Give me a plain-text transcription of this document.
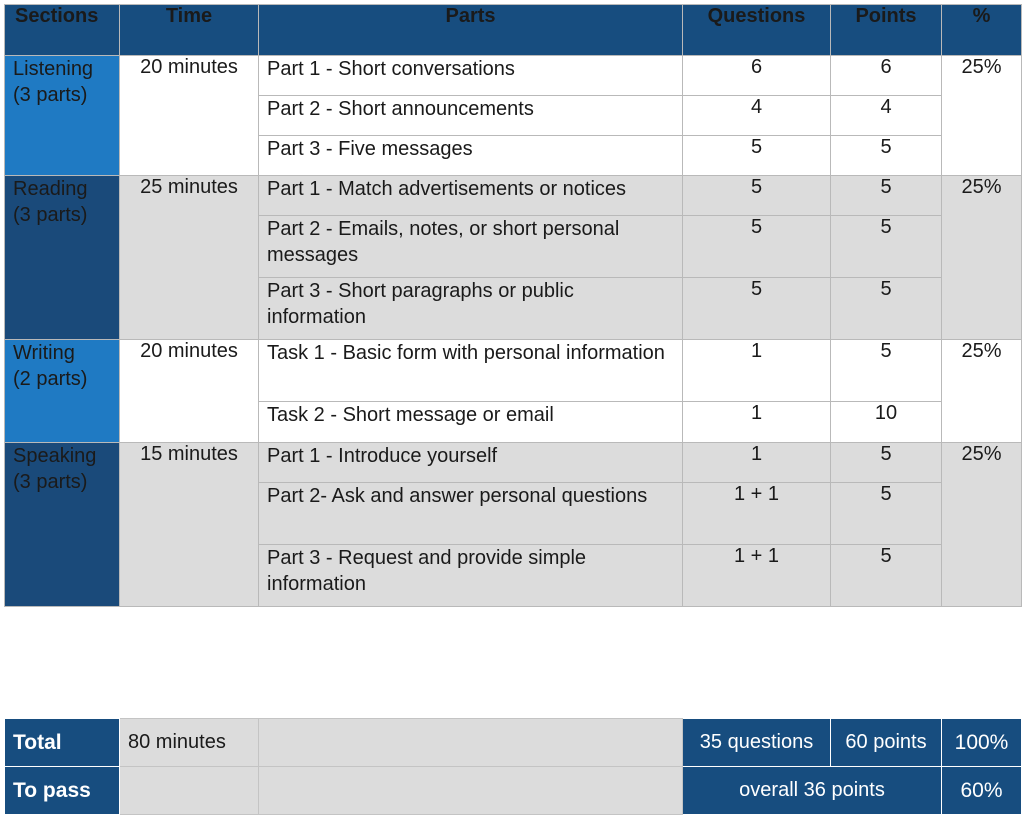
Sections	Time	Parts	Questions	Points	%

Listening
(3 parts)	20 minutes	Part 1 - Short conversations	6	6	25%
		Part 2 - Short announcements	4	4	
		Part 3 - Five messages	5	5	

Reading
(3 parts)	25 minutes	Part 1 - Match advertisements or notices	5	5	25%
		Part 2 - Emails, notes, or short personal messages	5	5	
		Part 3 - Short paragraphs or public information	5	5	

Writing
(2 parts)	20 minutes	Task 1 - Basic form with personal information	1	5	25%
		Task 2 - Short message or email	1	10	

Speaking
(3 parts)	15 minutes	Part 1 - Introduce yourself	1	5	25%
		Part 2- Ask and answer personal questions	1 + 1	5	
		Part 3 - Request and provide simple information	1 + 1	5	
Total	80 minutes		35 questions	60 points	100%
To pass			overall 36 points		60%
